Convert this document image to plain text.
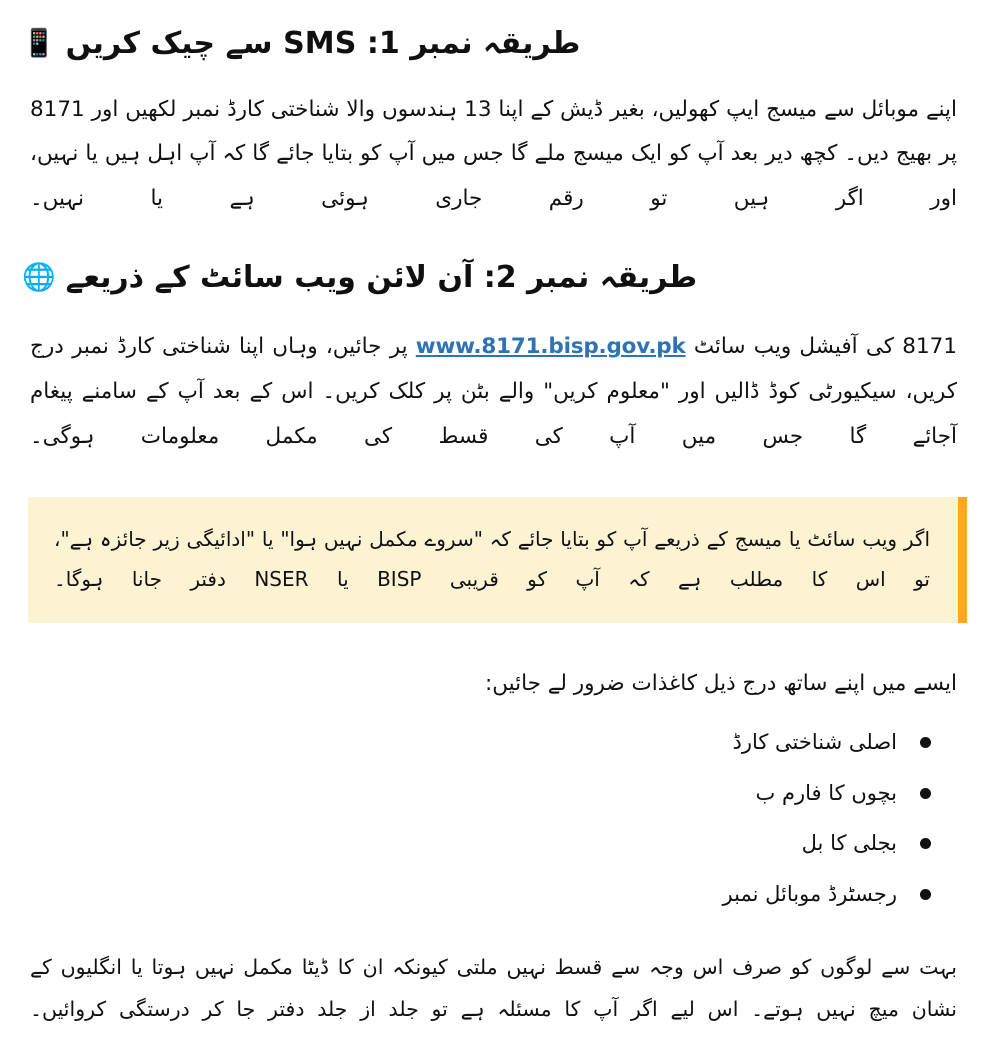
📱 طریقہ نمبر 1: SMS سے چیک کریں

اپنے موبائل سے میسج ایپ کھولیں، بغیر ڈیش کے اپنا 13 ہندسوں والا شناختی کارڈ نمبر لکھیں اور 8171 پر بھیج دیں۔ کچھ دیر بعد آپ کو ایک میسج ملے گا جس میں آپ کو بتایا جائے گا کہ آپ اہل ہیں یا نہیں، اور اگر ہیں تو رقم جاری ہوئی ہے یا نہیں۔

🌐 طریقہ نمبر 2: آن لائن ویب سائٹ کے ذریعے

8171 کی آفیشل ویب سائٹ www.8171.bisp.gov.pk پر جائیں، وہاں اپنا شناختی کارڈ نمبر درج کریں، سیکیورٹی کوڈ ڈالیں اور "معلوم کریں" والے بٹن پر کلک کریں۔ اس کے بعد آپ کے سامنے پیغام آجائے گا جس میں آپ کی قسط کی مکمل معلومات ہوگی۔

اگر ویب سائٹ یا میسج کے ذریعے آپ کو بتایا جائے کہ "سروے مکمل نہیں ہوا" یا "ادائیگی زیر جائزہ ہے"، تو اس کا مطلب ہے کہ آپ کو قریبی BISP یا NSER دفتر جانا ہوگا۔

ایسے میں اپنے ساتھ درج ذیل کاغذات ضرور لے جائیں:

اصلی شناختی کارڈ
بچوں کا فارم ب
بجلی کا بل
رجسٹرڈ موبائل نمبر

بہت سے لوگوں کو صرف اس وجہ سے قسط نہیں ملتی کیونکہ ان کا ڈیٹا مکمل نہیں ہوتا یا انگلیوں کے نشان میچ نہیں ہوتے۔ اس لیے اگر آپ کا مسئلہ ہے تو جلد از جلد دفتر جا کر درستگی کروائیں۔
